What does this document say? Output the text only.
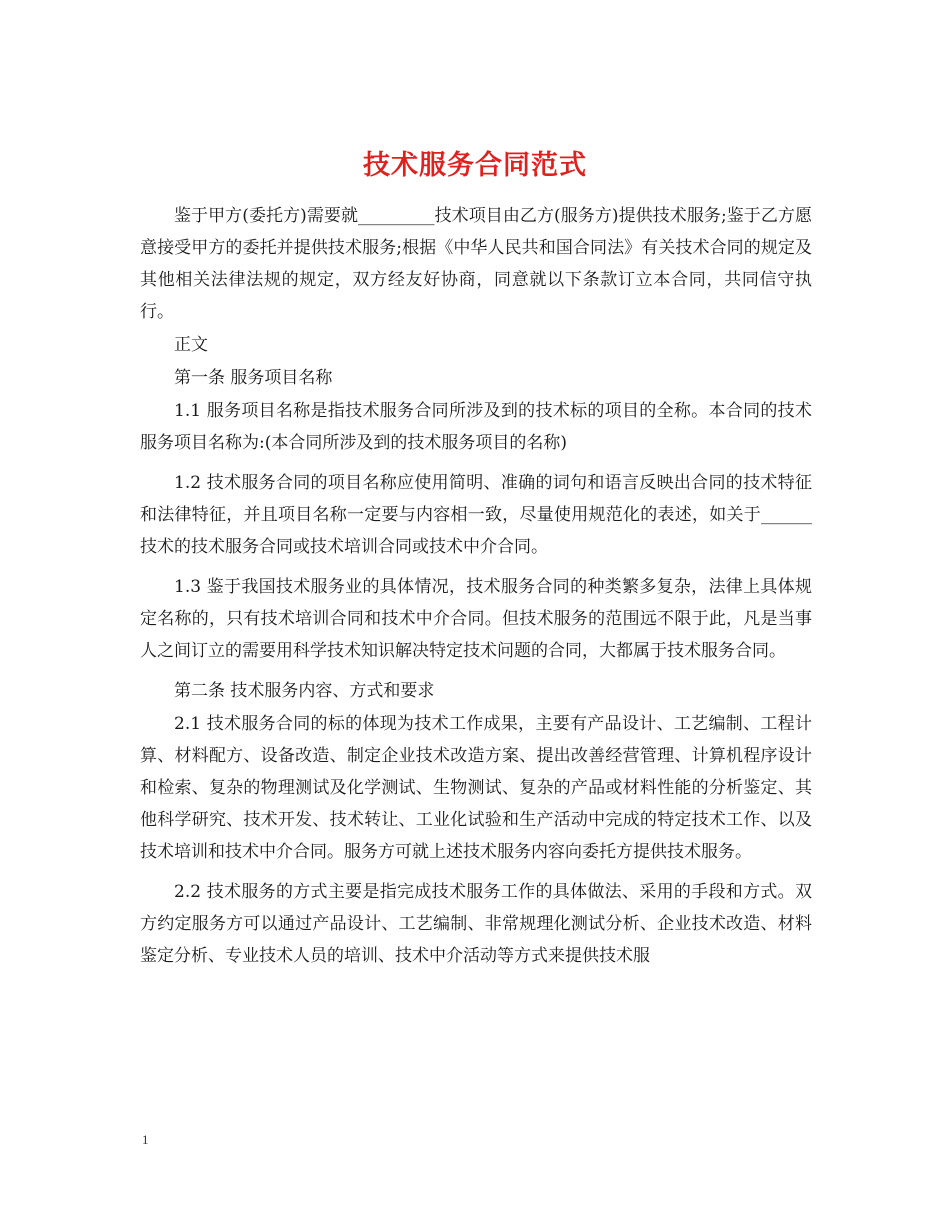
技术服务合同范式

鉴于甲方(委托方)需要就_________技术项目由乙方(服务方)提供技术服务;鉴于乙方愿意接受甲方的委托并提供技术服务;根据《中华人民共和国合同法》有关技术合同的规定及其他相关法律法规的规定，双方经友好协商，同意就以下条款订立本合同，共同信守执行。

正文

第一条 服务项目名称

1.1 服务项目名称是指技术服务合同所涉及到的技术标的项目的全称。本合同的技术服务项目名称为:(本合同所涉及到的技术服务项目的名称)

1.2 技术服务合同的项目名称应使用简明、准确的词句和语言反映出合同的技术特征和法律特征，并且项目名称一定要与内容相一致，尽量使用规范化的表述，如关于______技术的技术服务合同或技术培训合同或技术中介合同。

1.3 鉴于我国技术服务业的具体情况，技术服务合同的种类繁多复杂，法律上具体规定名称的，只有技术培训合同和技术中介合同。但技术服务的范围远不限于此，凡是当事人之间订立的需要用科学技术知识解决特定技术问题的合同，大都属于技术服务合同。

第二条 技术服务内容、方式和要求

2.1 技术服务合同的标的体现为技术工作成果，主要有产品设计、工艺编制、工程计算、材料配方、设备改造、制定企业技术改造方案、提出改善经营管理、计算机程序设计和检索、复杂的物理测试及化学测试、生物测试、复杂的产品或材料性能的分析鉴定、其他科学研究、技术开发、技术转让、工业化试验和生产活动中完成的特定技术工作、以及技术培训和技术中介合同。服务方可就上述技术服务内容向委托方提供技术服务。

2.2 技术服务的方式主要是指完成技术服务工作的具体做法、采用的手段和方式。双方约定服务方可以通过产品设计、工艺编制、非常规理化测试分析、企业技术改造、材料鉴定分析、专业技术人员的培训、技术中介活动等方式来提供技术服

1
